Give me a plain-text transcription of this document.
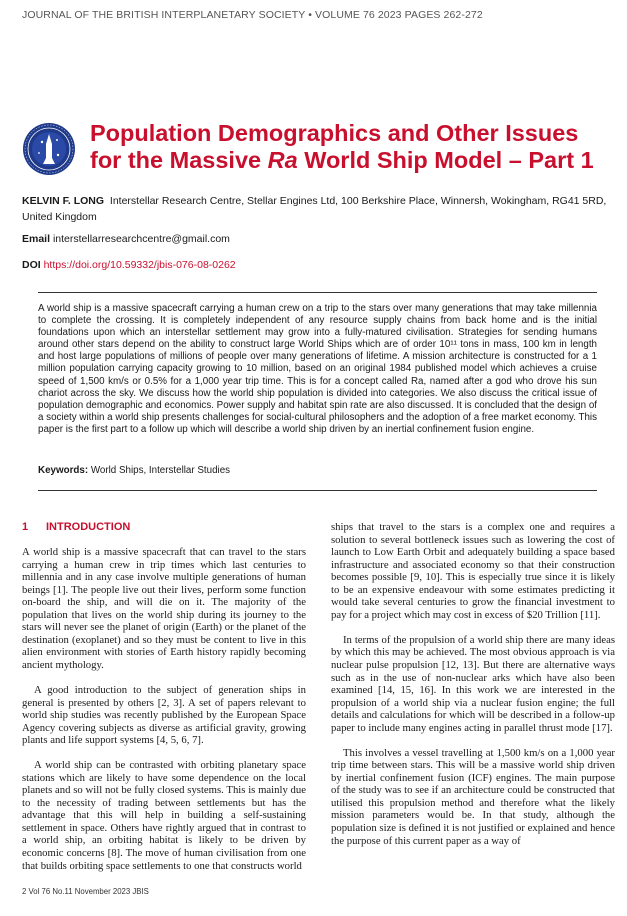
JOURNAL OF THE BRITISH INTERPLANETARY SOCIETY • VOLUME 76 2023 PAGES 262-272
Population Demographics and Other Issues for the Massive Ra World Ship Model – Part 1
KELVIN F. LONG Interstellar Research Centre, Stellar Engines Ltd, 100 Berkshire Place, Winnersh, Wokingham, RG41 5RD, United Kingdom
Email interstellarresearchcentre@gmail.com
DOI https://doi.org/10.59332/jbis-076-08-0262
A world ship is a massive spacecraft carrying a human crew on a trip to the stars over many generations that may take millennia to complete the crossing. It is completely independent of any resource supply chains from back home and is the initial foundations upon which an interstellar settlement may grow into a fully-matured civilisation. Strategies for sending humans around other stars depend on the ability to construct large World Ships which are of order 10¹¹ tons in mass, 100 km in length and host large populations of millions of people over many generations of lifetime. A mission architecture is constructed for a 1 million population carrying capacity growing to 10 million, based on an original 1984 published model which achieves a cruise speed of 1,500 km/s or 0.5% for a 1,000 year trip time. This is for a concept called Ra, named after a god who drove his sun chariot across the sky. We discuss how the world ship population is divided into categories. We also discuss the critical issue of population demographic and economics. Power supply and habitat spin rate are also discussed. It is concluded that the design of a society within a world ship presents challenges for social-cultural philosophers and the adoption of a free market economy. This paper is the first part to a follow up which will describe a world ship driven by an inertial confinement fusion engine.
Keywords: World Ships, Interstellar Studies
1 INTRODUCTION

A world ship is a massive spacecraft that can travel to the stars carrying a human crew in trip times which last centuries to millennia and in any case involve multiple generations of human beings [1]. The people live out their lives, perform some function on-board the ship, and will die on it. The majority of the population that lives on the world ship during its journey to the stars will never see the planet of origin (Earth) or the planet of the destination (exoplanet) and so they must be content to live in this alien environment with stories of Earth history rapidly becoming ancient mythology.

A good introduction to the subject of generation ships in general is presented by others [2, 3]. A set of papers relevant to world ship studies was recently published by the European Space Agency covering subjects as diverse as artificial gravity, growing plants and life support systems [4, 5, 6, 7].

A world ship can be contrasted with orbiting planetary space stations which are likely to have some dependence on the local planets and so will not be fully closed systems. This is mainly due to the necessity of trading between settlements but has the advantage that this will help in building a self-sustaining settlement in space. Others have rightly argued that in contrast to a world ship, an orbiting habitat is likely to be driven by economic concerns [8]. The move of human civilisation from one that builds orbiting space settlements to one that constructs world

ships that travel to the stars is a complex one and requires a solution to several bottleneck issues such as lowering the cost of launch to Low Earth Orbit and adequately building a space based infrastructure and associated economy so that their construction becomes possible [9, 10]. This is especially true since it is likely to be an expensive endeavour with some estimates predicting it would take several centuries to grow the financial investment to pay for a project which may cost in excess of $20 Trillion [11].

In terms of the propulsion of a world ship there are many ideas by which this may be achieved. The most obvious approach is via nuclear pulse propulsion [12, 13]. But there are alternative ways such as in the use of non-nuclear arks which have also been examined [14, 15, 16]. In this work we are interested in the propulsion of a world ship via a nuclear fusion engine; the full details and calculations for which will be described in a follow-up paper to include many engines acting in parallel thrust mode [17].

This involves a vessel travelling at 1,500 km/s on a 1,000 year trip time between stars. This will be a massive world ship driven by inertial confinement fusion (ICF) engines. The main purpose of the study was to see if an architecture could be constructed that utilised this propulsion method and therefore what the likely mission parameters would be. In that study, although the population size is defined it is not justified or explained and hence the purpose of this current paper as a way of

2 Vol 76 No.11 November 2023 JBIS
